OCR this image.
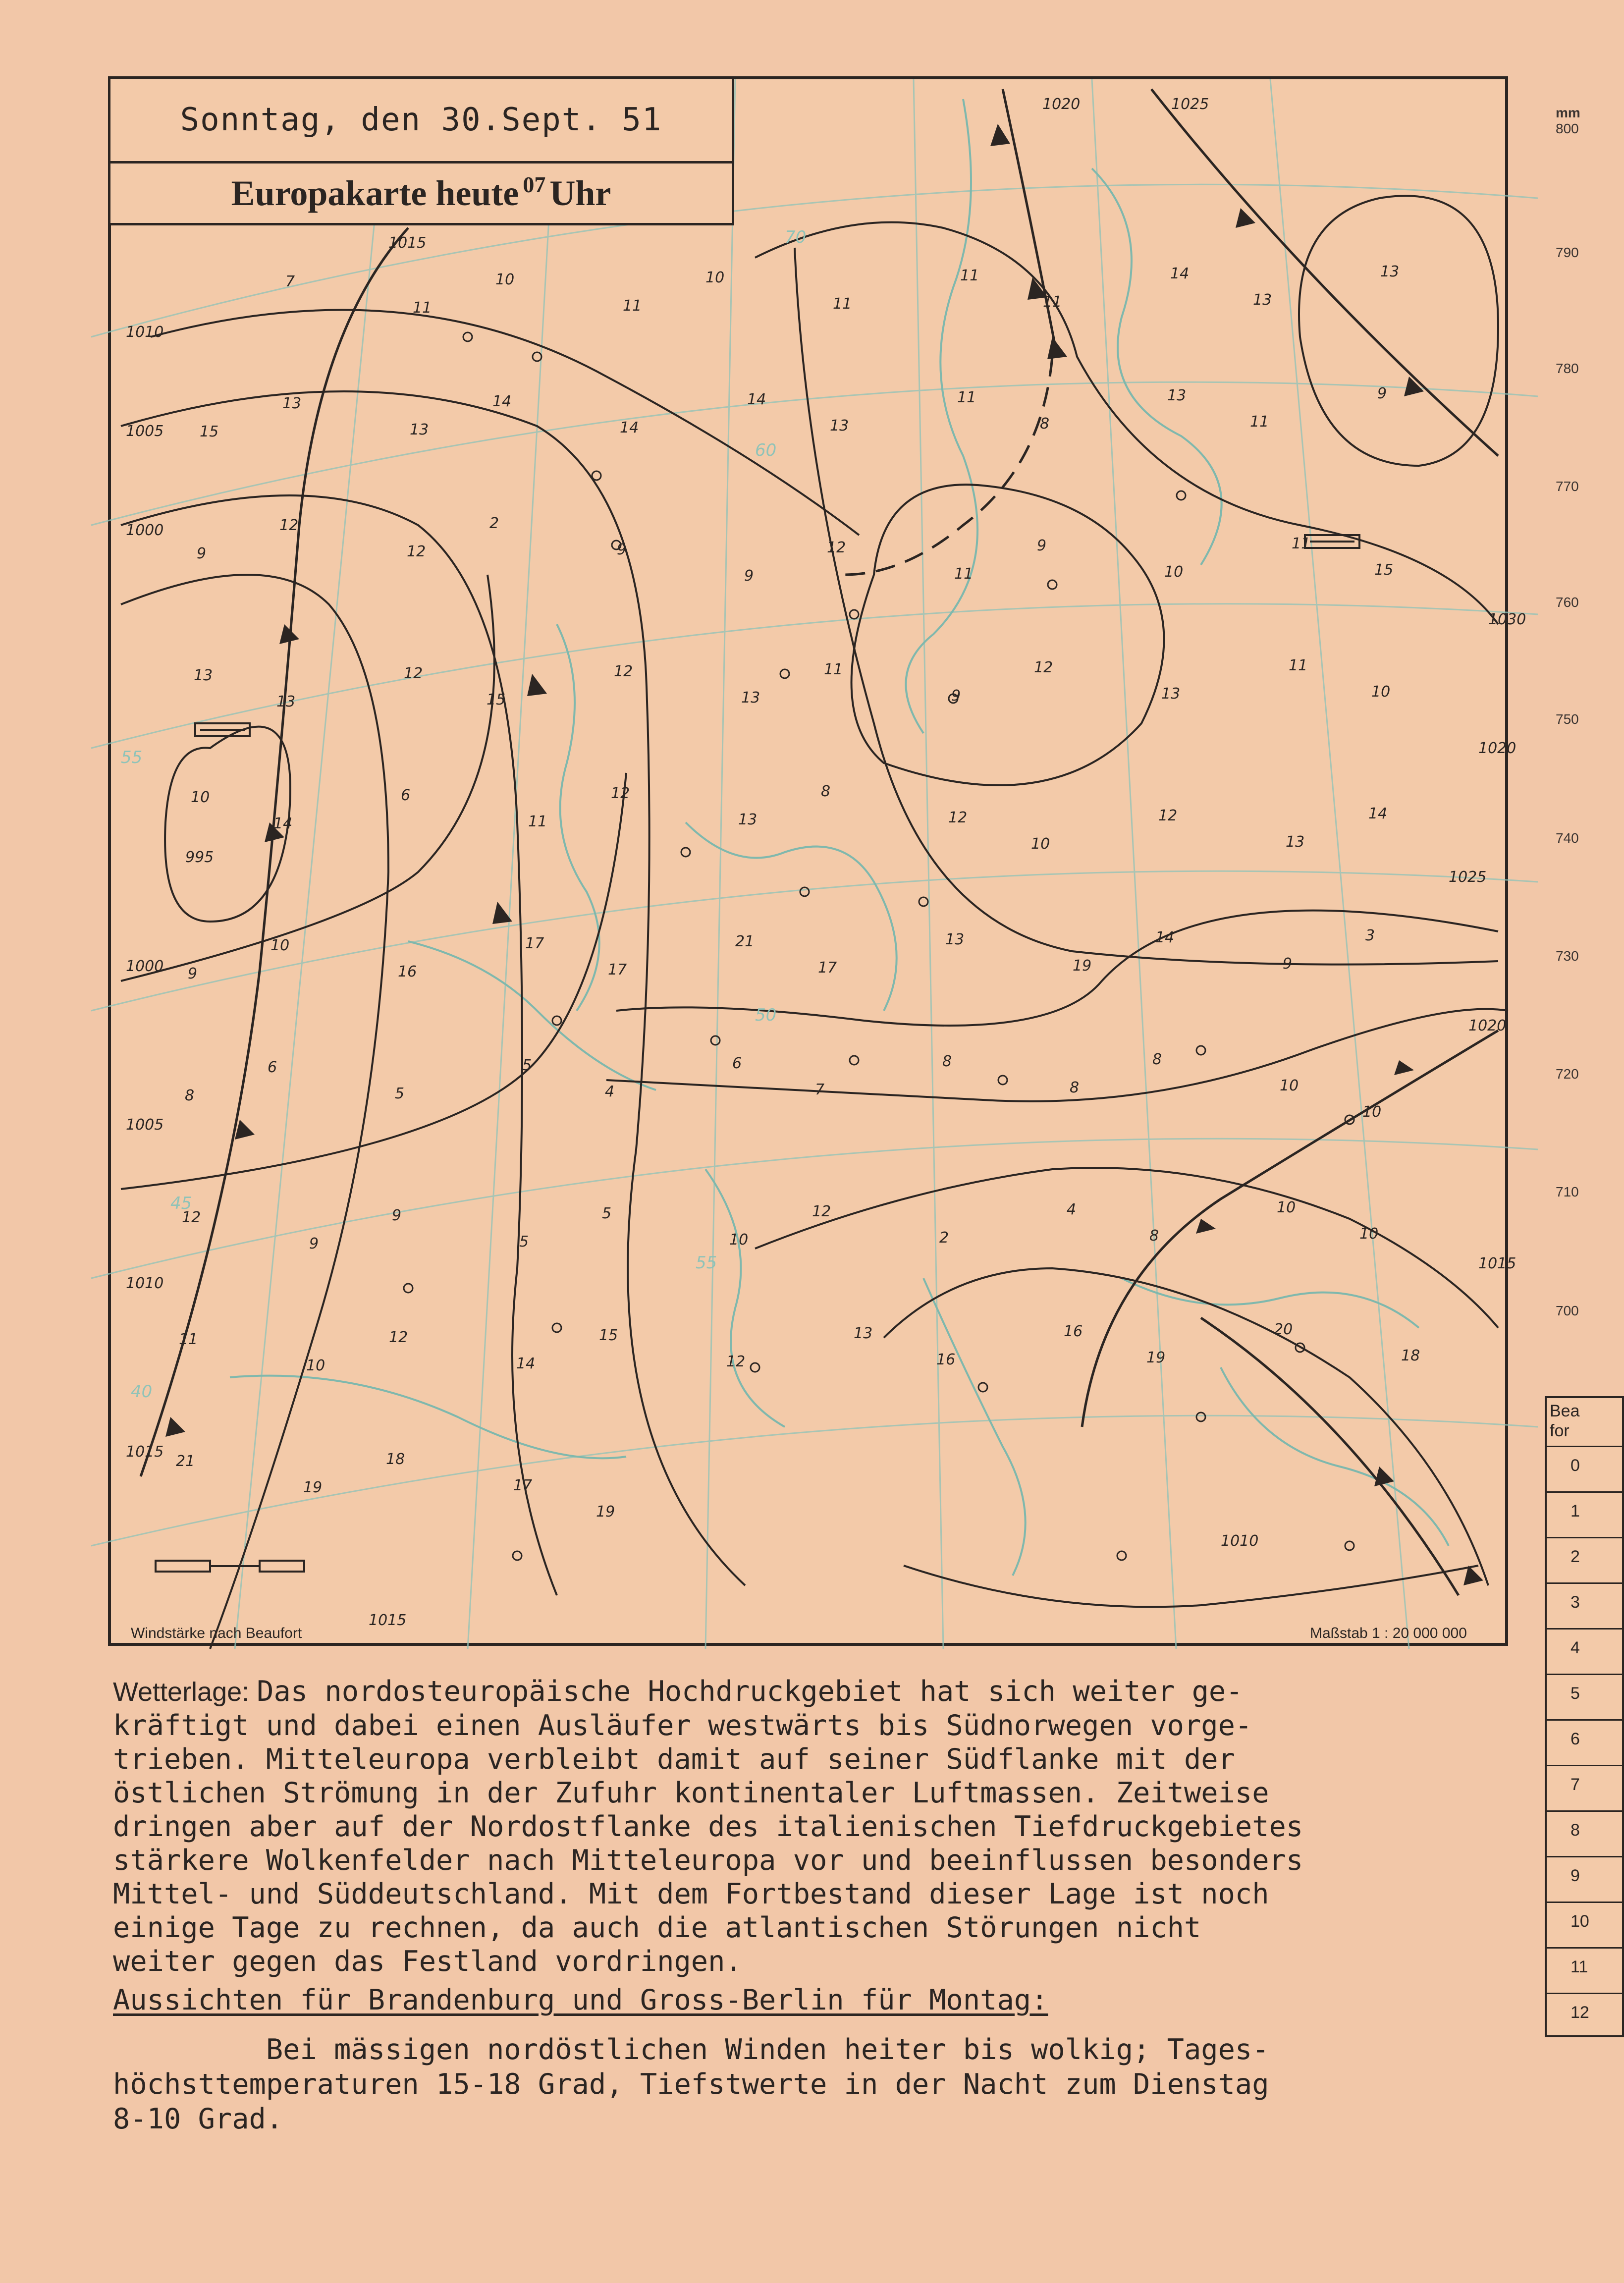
1020	1025
1015
1010
1005
1000
995
1000
1005
1010
1015
1015
1030
1020
1025
1020
1015
1010
70
60
55
50
45
40
55
7
11
10
11
10
11
11
11
14
13
13
15
13
13
14
14
14
13
11
8
13
11
9
9
12
12
2
9
9
12
11
9
10
11
15
13
13
12
15
12
13
11
9
12
13
11
10
10
14
6
11
12
13
8
12
10
12
13
14
9
10
16
17
17
21
17
13
19
14
9
3
8
6
5
5
4
6
7
8
8
8
10
10
12
9
9
5
5
10
12
2
4
8
10
10
11
10
12
14
15
12
13
16
16
19
20
18
21
19
18
17
19
Windstärke nach Beaufort	Maßstab 1 : 20 000 000
Sonntag, den 30.Sept. 51
Europakarte heute$^{07}$ Uhr
mm
800
790
780
770
760
750
740
730
720
710
700
Bea
for
0
1
2
3
4
5
6
7
8
9
10
11
12
Wetterlage: Das nordosteuropäische Hochdruckgebiet hat sich weiter ge-
kräftigt und dabei einen Ausläufer westwärts bis Südnorwegen vorge-
trieben. Mitteleuropa verbleibt damit auf seiner Südflanke mit der
östlichen Strömung in der Zufuhr kontinentaler Luftmassen. Zeitweise
dringen aber auf der Nordostflanke des italienischen Tiefdruckgebietes
stärkere Wolkenfelder nach Mitteleuropa vor und beeinflussen besonders
Mittel- und Süddeutschland. Mit dem Fortbestand dieser Lage ist noch
einige Tage zu rechnen, da auch die atlantischen Störungen nicht
weiter gegen das Festland vordringen.
Aussichten für Brandenburg und Gross-Berlin für Montag:
Bei mässigen nordöstlichen Winden heiter bis wolkig; Tages-
höchsttemperaturen 15-18 Grad, Tiefstwerte in der Nacht zum Dienstag
8-10 Grad.
